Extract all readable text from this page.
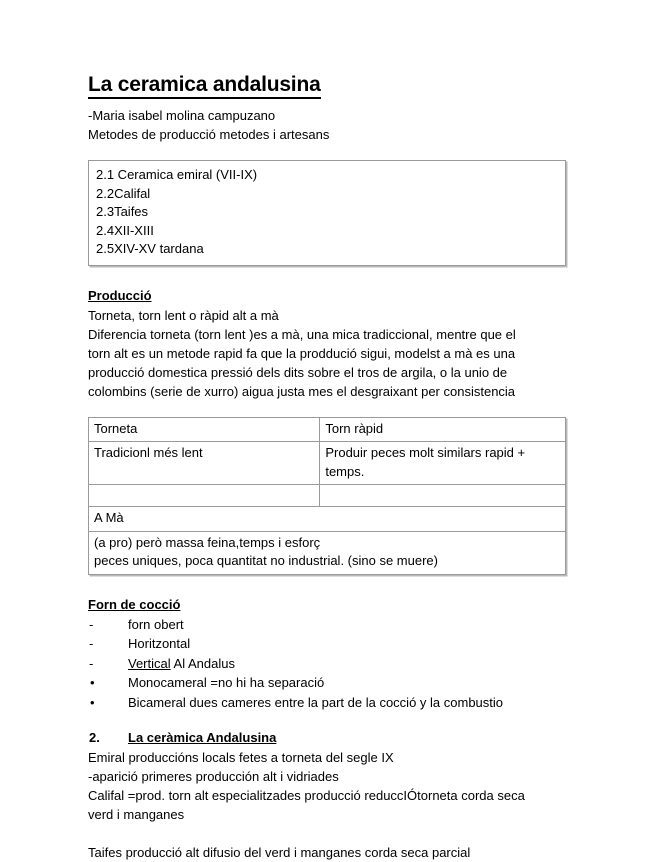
La ceramica andalusina

-Maria isabel molina campuzano

Metodes de producció metodes i artesans

2.1 Ceramica emiral (VII-IX)
2.2Califal
2.3Taifes
2.4XII-XIII
2.5XIV-XV tardana
Producció

Torneta, torn lent o ràpid alt a mà

Diferencia torneta (torn lent )es a mà, una mica tradiccional, mentre que el

torn alt es un metode rapid fa que la proddució sigui, modelst a mà es una

producció domestica pressió dels dits sobre el tros de argila, o la unio de

colombins (serie de xurro) aigua justa mes el desgraixant per consistencia

Torneta	Torn ràpid
Tradicionl més lent	Produir peces molt similars rapid + temps.

A Mà	

(a pro) però massa feina,temps i esforç
peces uniques, poca quantitat no industrial. (sino se muere)	
Forn de cocció
-	forn obert
-	Horitzontal
-	Vertical Al Andalus
•	Monocameral =no hi ha separació
•	Bicameral dues cameres entre la part de la cocció y la combustio
2. La ceràmica Andalusina

Emiral produccións locals fetes a torneta del segle IX

-aparició primeres producción alt i vidriades

Califal =prod. torn alt especialitzades producció reduccIÓtorneta corda seca

verd i manganes

Taifes producció alt difusio del verd i manganes corda seca parcial
